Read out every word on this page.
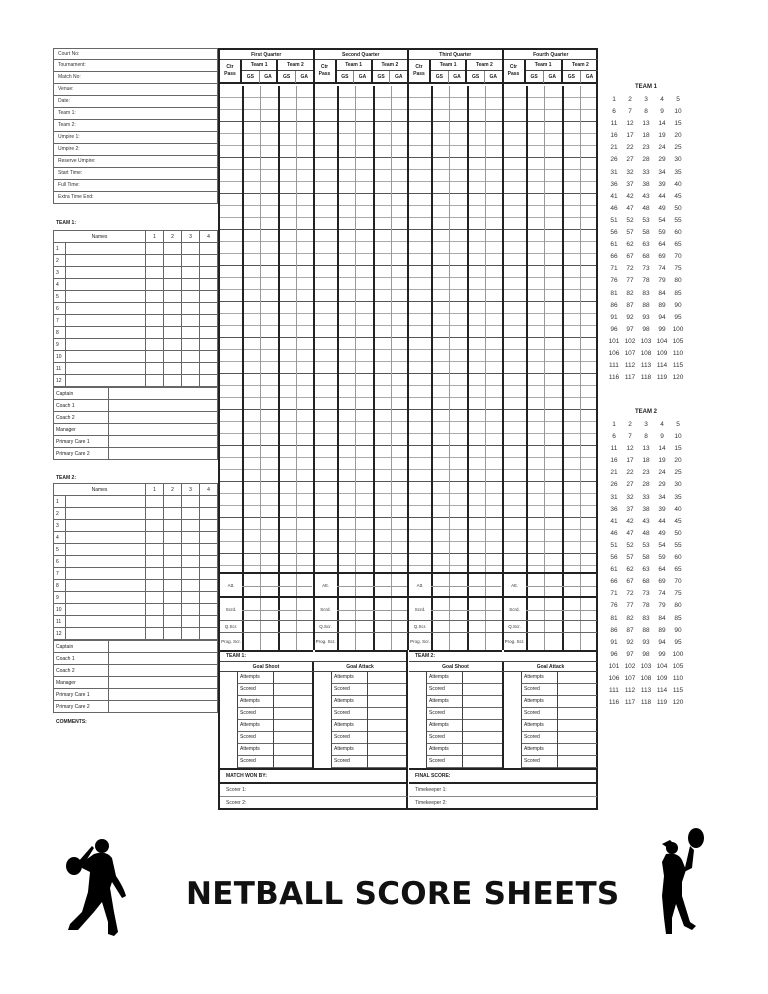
Court No:
Tournament:
Match No:
Venue:
Date:
Team 1:
Team 2:
Umpire 1:
Umpire 2:
Reserve Umpire:
Start Time:
Full Time:
Extra Time End:
TEAM 1:
Names		1	2	3	4
1					
2					
3					
4					
5					
6					
7					
8					
9					
10					
11					
12					
Captain	
Coach 1	
Coach 2	
Manager	
Primary Care 1	
Primary Care 2	
TEAM 2:
Names		1	2	3	4
1					
2					
3					
4					
5					
6					
7					
8					
9					
10					
11					
12					
Captain	
Coach 1	
Coach 2	
Manager	
Primary Care 1	
Primary Care 2	
COMMENTS:
First Quarter
Ctr Pass
Team 1
GS	GA
Team 2
GS	GA
Att.
Scrd.
Q.Scr.
Prog. Scr.
Second Quarter
Ctr Pass
Team 1
GS	GA
Team 2
GS	GA
Att.
Scrd.
Q.Scr.
Prog. Scr.
Third Quarter
Ctr Pass
Team 1
GS	GA
Team 2
GS	GA
Att.
Scrd.
Q.Scr.
Prog. Scr.
Fourth Quarter
Ctr Pass
Team 1
GS	GA
Team 2
GS	GA
Att.
Scrd.
Q.Scr.
Prog. Scr.
TEAM 1:
Goal Shoot	Goal Attack
Attempts
Scored
Attempts
Scored
Attempts
Scored
Attempts
Scored
Attempts
Scored
Attempts
Scored
Attempts
Scored
Attempts
Scored
MATCH WON BY:
Scorer 1:
Scorer 2:
TEAM 2:
Goal Shoot	Goal Attack
Attempts
Scored
Attempts
Scored
Attempts
Scored
Attempts
Scored
Attempts
Scored
Attempts
Scored
Attempts
Scored
Attempts
Scored
FINAL SCORE:
Timekeeper 1:
Timekeeper 2:
TEAM 1
1	2	3	4	5
6	7	8	9	10
11	12	13	14	15
16	17	18	19	20
21	22	23	24	25
26	27	28	29	30
31	32	33	34	35
36	37	38	39	40
41	42	43	44	45
46	47	48	49	50
51	52	53	54	55
56	57	58	59	60
61	62	63	64	65
66	67	68	69	70
71	72	73	74	75
76	77	78	79	80
81	82	83	84	85
86	87	88	89	90
91	92	93	94	95
96	97	98	99	100
101 102 103 104 105
106 107 108 109 110
111 112 113 114 115
116 117 118 119 120
TEAM 2
1	2	3	4	5
6	7	8	9	10
11	12	13	14	15
16	17	18	19	20
21	22	23	24	25
26	27	28	29	30
31	32	33	34	35
36	37	38	39	40
41	42	43	44	45
46	47	48	49	50
51	52	53	54	55
56	57	58	59	60
61	62	63	64	65
66	67	68	69	70
71	72	73	74	75
76	77	78	79	80
81	82	83	84	85
86	87	88	89	90
91	92	93	94	95
96	97	98	99	100
101 102 103 104 105
106 107 108 109 110
111 112 113 114 115
116 117 118 119 120
NETBALL SCORE SHEETS
